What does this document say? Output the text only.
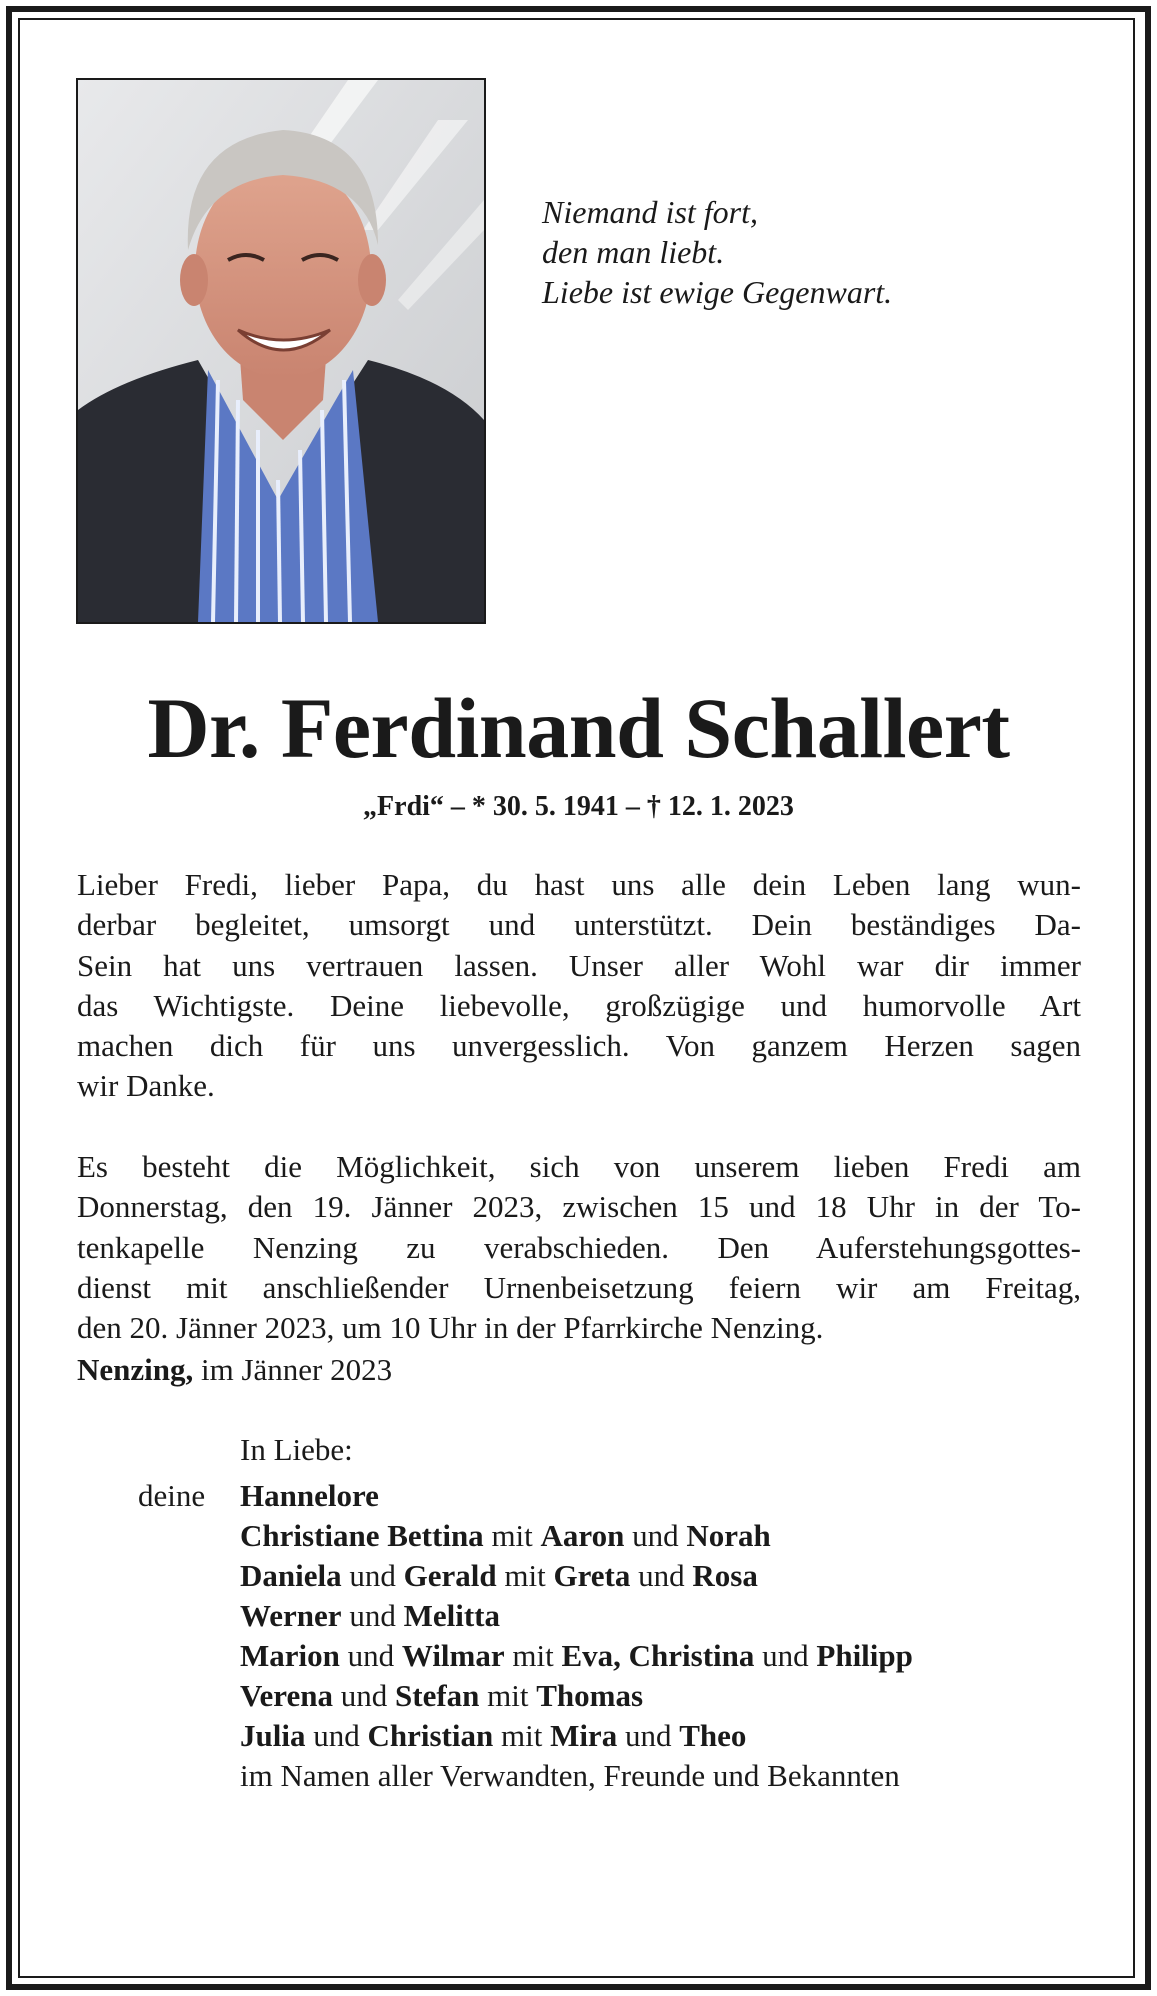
Niemand ist fort,
den man liebt.
Liebe ist ewige Gegenwart.
Dr. Ferdinand Schallert
„Frdi“ – * 30. 5. 1941 – † 12. 1. 2023
Lieber Fredi, lieber Papa, du hast uns alle dein Leben lang wun-
derbar begleitet, umsorgt und unterstützt. Dein beständiges Da-
Sein hat uns vertrauen lassen. Unser aller Wohl war dir immer
das Wichtigste. Deine liebevolle, großzügige und humorvolle Art
machen dich für uns unvergesslich. Von ganzem Herzen sagen
wir Danke.
Es besteht die Möglichkeit, sich von unserem lieben Fredi am
Donnerstag, den 19. Jänner 2023, zwischen 15 und 18 Uhr in der To-
tenkapelle Nenzing zu verabschieden. Den Auferstehungsgottes-
dienst mit anschließender Urnenbeisetzung feiern wir am Freitag,
den 20. Jänner 2023, um 10 Uhr in der Pfarrkirche Nenzing.
Nenzing, im Jänner 2023
In Liebe:
deine Hannelore
Christiane Bettina mit Aaron und Norah
Daniela und Gerald mit Greta und Rosa
Werner und Melitta
Marion und Wilmar mit Eva, Christina und Philipp
Verena und Stefan mit Thomas
Julia und Christian mit Mira und Theo
im Namen aller Verwandten, Freunde und Bekannten
